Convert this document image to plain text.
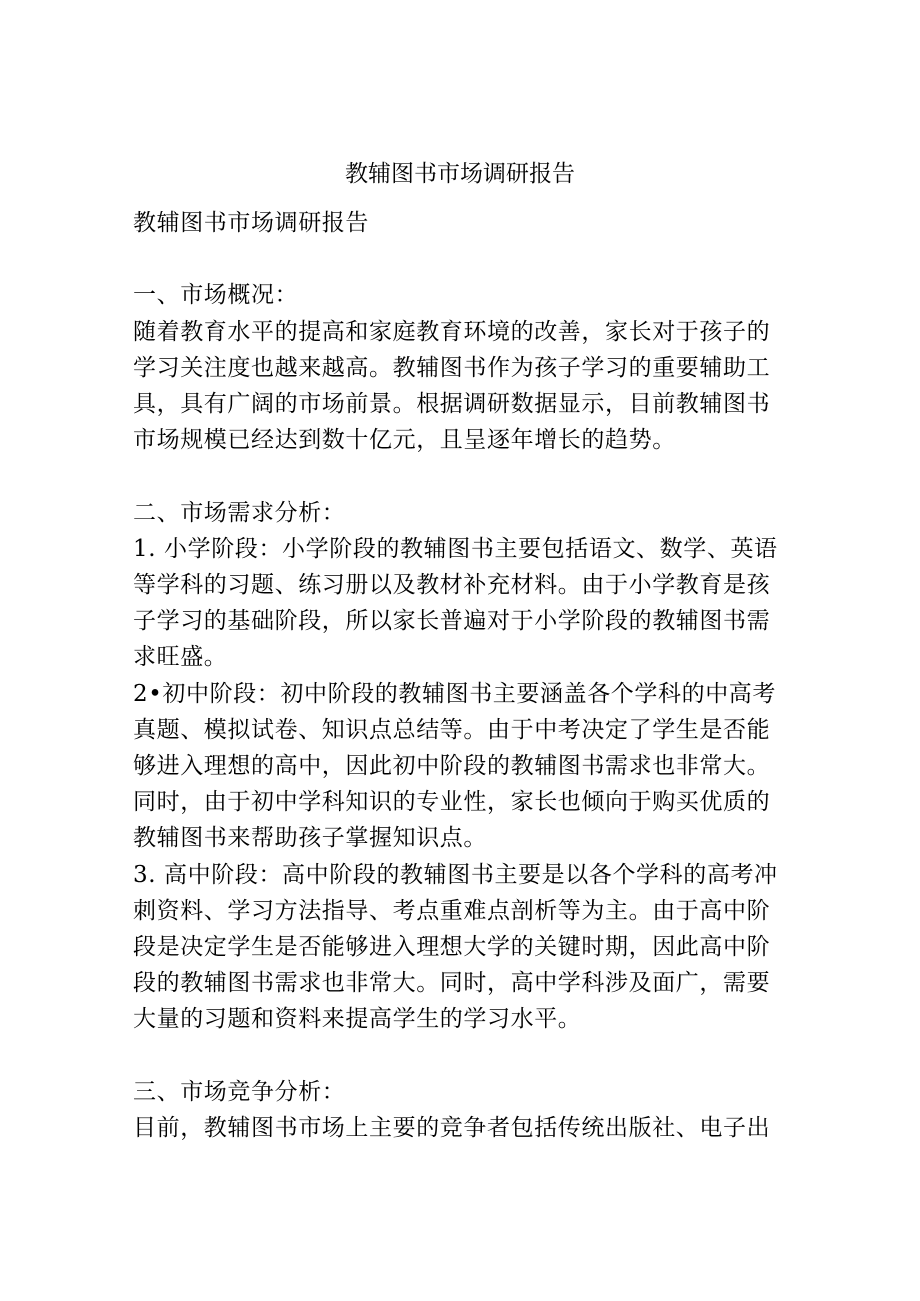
教辅图书市场调研报告

教辅图书市场调研报告

一、市场概况：

随着教育水平的提高和家庭教育环境的改善，家长对于孩子的学习关注度也越来越高。教辅图书作为孩子学习的重要辅助工具，具有广阔的市场前景。根据调研数据显示，目前教辅图书市场规模已经达到数十亿元，且呈逐年增长的趋势。

二、市场需求分析：

1. 小学阶段：小学阶段的教辅图书主要包括语文、数学、英语等学科的习题、练习册以及教材补充材料。由于小学教育是孩子学习的基础阶段，所以家长普遍对于小学阶段的教辅图书需求旺盛。

2•初中阶段：初中阶段的教辅图书主要涵盖各个学科的中高考真题、模拟试卷、知识点总结等。由于中考决定了学生是否能够进入理想的高中，因此初中阶段的教辅图书需求也非常大。同时，由于初中学科知识的专业性，家长也倾向于购买优质的教辅图书来帮助孩子掌握知识点。

3. 高中阶段：高中阶段的教辅图书主要是以各个学科的高考冲刺资料、学习方法指导、考点重难点剖析等为主。由于高中阶段是决定学生是否能够进入理想大学的关键时期，因此高中阶段的教辅图书需求也非常大。同时，高中学科涉及面广，需要大量的习题和资料来提高学生的学习水平。

三、市场竞争分析：

目前，教辅图书市场上主要的竞争者包括传统出版社、电子出
